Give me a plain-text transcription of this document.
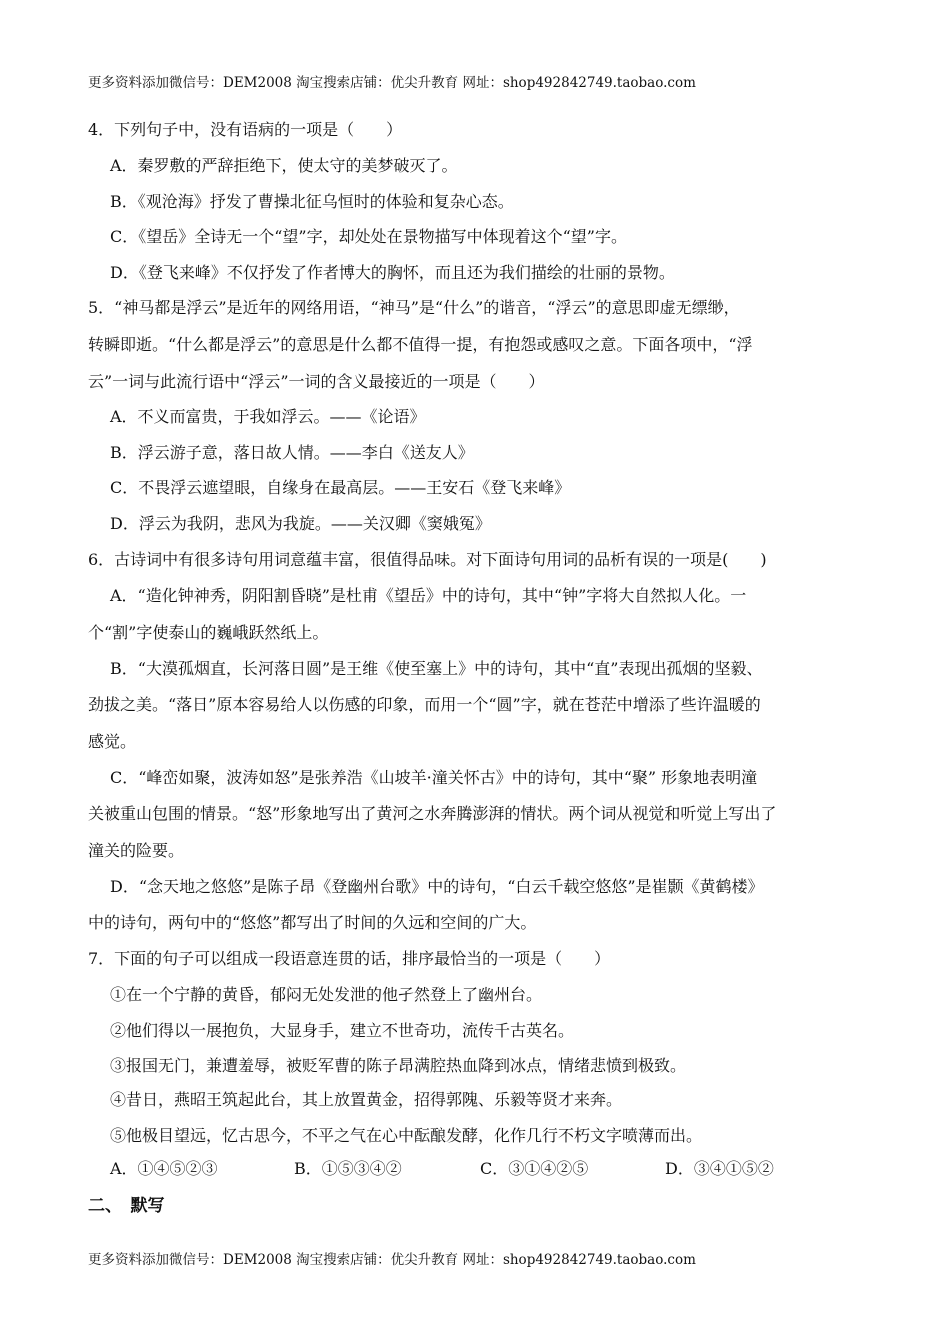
更多资料添加微信号：DEM2008 淘宝搜索店铺：优尖升教育 网址：shop492842749.taobao.com
4．下列句子中，没有语病的一项是（　　）
A．秦罗敷的严辞拒绝下，使太守的美梦破灭了。
B．《观沧海》抒发了曹操北征乌恒时的体验和复杂心态。
C．《望岳》全诗无一个“望”字，却处处在景物描写中体现着这个“望”字。
D．《登飞来峰》不仅抒发了作者博大的胸怀，而且还为我们描绘的壮丽的景物。
5．“神马都是浮云”是近年的网络用语，“神马”是“什么”的谐音，“浮云”的意思即虚无缥缈，
转瞬即逝。“什么都是浮云”的意思是什么都不值得一提，有抱怨或感叹之意。下面各项中，“浮
云”一词与此流行语中“浮云”一词的含义最接近的一项是（　　）
A．不义而富贵，于我如浮云。——《论语》
B．浮云游子意，落日故人情。——李白《送友人》
C．不畏浮云遮望眼，自缘身在最高层。——王安石《登飞来峰》
D．浮云为我阴，悲风为我旋。——关汉卿《窦娥冤》
6．古诗词中有很多诗句用词意蕴丰富，很值得品味。对下面诗句用词的品析有误的一项是(　　)
A．“造化钟神秀，阴阳割昏晓”是杜甫《望岳》中的诗句，其中“钟”字将大自然拟人化。一
个“割”字使泰山的巍峨跃然纸上。
B．“大漠孤烟直，长河落日圆”是王维《使至塞上》中的诗句，其中“直”表现出孤烟的坚毅、
劲拔之美。“落日”原本容易给人以伤感的印象，而用一个“圆”字，就在苍茫中增添了些许温暖的
感觉。
C．“峰峦如聚，波涛如怒”是张养浩《山坡羊·潼关怀古》中的诗句，其中“聚” 形象地表明潼
关被重山包围的情景。“怒”形象地写出了黄河之水奔腾澎湃的情状。两个词从视觉和听觉上写出了
潼关的险要。
D．“念天地之悠悠”是陈子昂《登幽州台歌》中的诗句，“白云千载空悠悠”是崔颢《黄鹤楼》
中的诗句，两句中的“悠悠”都写出了时间的久远和空间的广大。
7．下面的句子可以组成一段语意连贯的话，排序最恰当的一项是（　　）
①在一个宁静的黄昏，郁闷无处发泄的他孑然登上了幽州台。
②他们得以一展抱负，大显身手，建立不世奇功，流传千古英名。
③报国无门，兼遭羞辱，被贬军曹的陈子昂满腔热血降到冰点，情绪悲愤到极致。
④昔日，燕昭王筑起此台，其上放置黄金，招得郭隗、乐毅等贤才来奔。
⑤他极目望远，忆古思今，不平之气在心中酝酿发酵，化作几行不朽文字喷薄而出。
A．①④⑤②③	B．①⑤③④②	C．③①④②⑤	D．③④①⑤②
二、　默写
更多资料添加微信号：DEM2008 淘宝搜索店铺：优尖升教育 网址：shop492842749.taobao.com
